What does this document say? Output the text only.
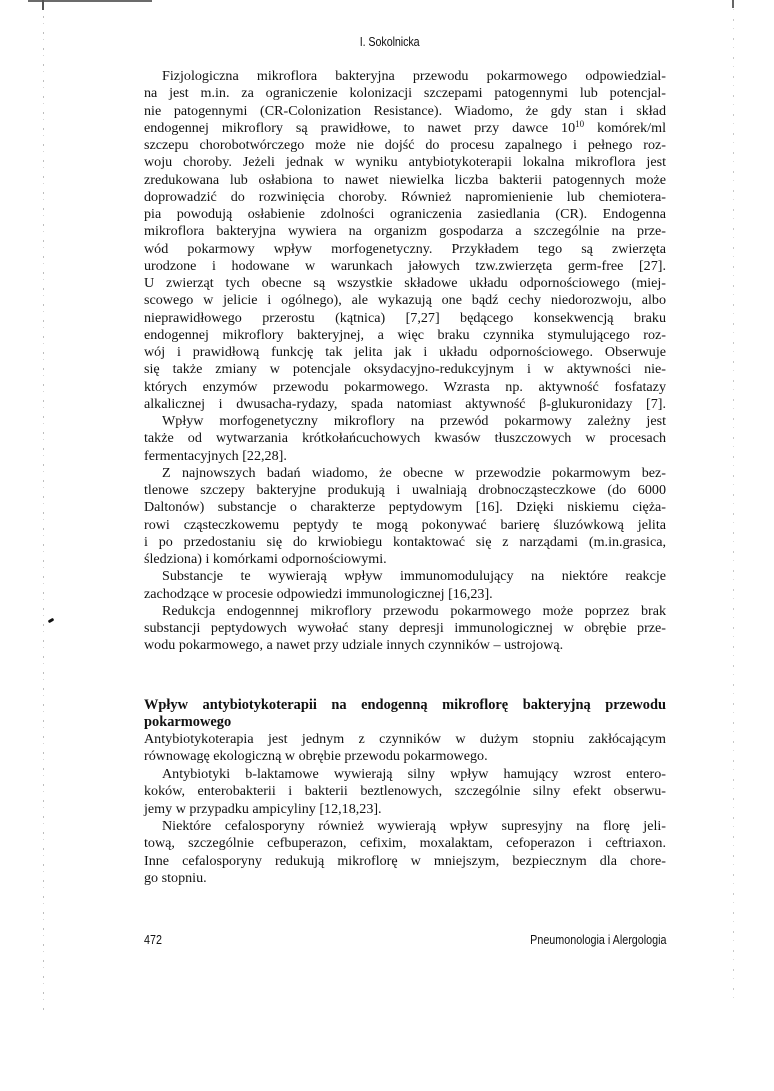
I. Sokolnicka
Fizjologiczna mikroflora bakteryjna przewodu pokarmowego odpowiedzial-
na jest m.in. za ograniczenie kolonizacji szczepami patogennymi lub potencjal-
nie patogennymi (CR-Colonization Resistance). Wiadomo, że gdy stan i skład
endogennej mikroflory są prawidłowe, to nawet przy dawce $10^{10}$ komórek/ml
szczepu chorobotwórczego może nie dojść do procesu zapalnego i pełnego roz-
woju choroby. Jeżeli jednak w wyniku antybiotykoterapii lokalna mikroflora jest
zredukowana lub osłabiona to nawet niewielka liczba bakterii patogennych może
doprowadzić do rozwinięcia choroby. Również napromienienie lub chemiotera-
pia powodują osłabienie zdolności ograniczenia zasiedlania (CR). Endogenna
mikroflora bakteryjna wywiera na organizm gospodarza a szczególnie na prze-
wód pokarmowy wpływ morfogenetyczny. Przykładem tego są zwierzęta
urodzone i hodowane w warunkach jałowych tzw.zwierzęta germ-free [27].
U zwierząt tych obecne są wszystkie składowe układu odpornościowego (miej-
scowego w jelicie i ogólnego), ale wykazują one bądź cechy niedorozwoju, albo
nieprawidłowego przerostu (kątnica) [7,27] będącego konsekwencją braku
endogennej mikroflory bakteryjnej, a więc braku czynnika stymulującego roz-
wój i prawidłową funkcję tak jelita jak i układu odpornościowego. Obserwuje
się także zmiany w potencjale oksydacyjno-redukcyjnym i w aktywności nie-
których enzymów przewodu pokarmowego. Wzrasta np. aktywność fosfatazy
alkalicznej i dwusacha-rydazy, spada natomiast aktywność β-glukuronidazy [7].
Wpływ morfogenetyczny mikroflory na przewód pokarmowy zależny jest
także od wytwarzania krótkołańcuchowych kwasów tłuszczowych w procesach
fermentacyjnych [22,28].
Z najnowszych badań wiadomo, że obecne w przewodzie pokarmowym bez-
tlenowe szczepy bakteryjne produkują i uwalniają drobnocząsteczkowe (do 6000
Daltonów) substancje o charakterze peptydowym [16]. Dzięki niskiemu cięża-
rowi cząsteczkowemu peptydy te mogą pokonywać barierę śluzówkową jelita
i po przedostaniu się do krwiobiegu kontaktować się z narządami (m.in.grasica,
śledziona) i komórkami odpornościowymi.
Substancje te wywierają wpływ immunomodulujący na niektóre reakcje
zachodzące w procesie odpowiedzi immunologicznej [16,23].
Redukcja endogennnej mikroflory przewodu pokarmowego może poprzez brak
substancji peptydowych wywołać stany depresji immunologicznej w obrębie prze-
wodu pokarmowego, a nawet przy udziale innych czynników – ustrojową.
Wpływ antybiotykoterapii na endogenną mikroflorę bakteryjną przewodu
pokarmowego
Antybiotykoterapia jest jednym z czynników w dużym stopniu zakłócającym
równowagę ekologiczną w obrębie przewodu pokarmowego.
Antybiotyki b-laktamowe wywierają silny wpływ hamujący wzrost entero-
koków, enterobakterii i bakterii beztlenowych, szczególnie silny efekt obserwu-
jemy w przypadku ampicyliny [12,18,23].
Niektóre cefalosporyny również wywierają wpływ supresyjny na florę jeli-
tową, szczególnie cefbuperazon, cefixim, moxalaktam, cefoperazon i ceftriaxon.
Inne cefalosporyny redukują mikroflorę w mniejszym, bezpiecznym dla chore-
go stopniu.
472	Pneumonologia i Alergologia
